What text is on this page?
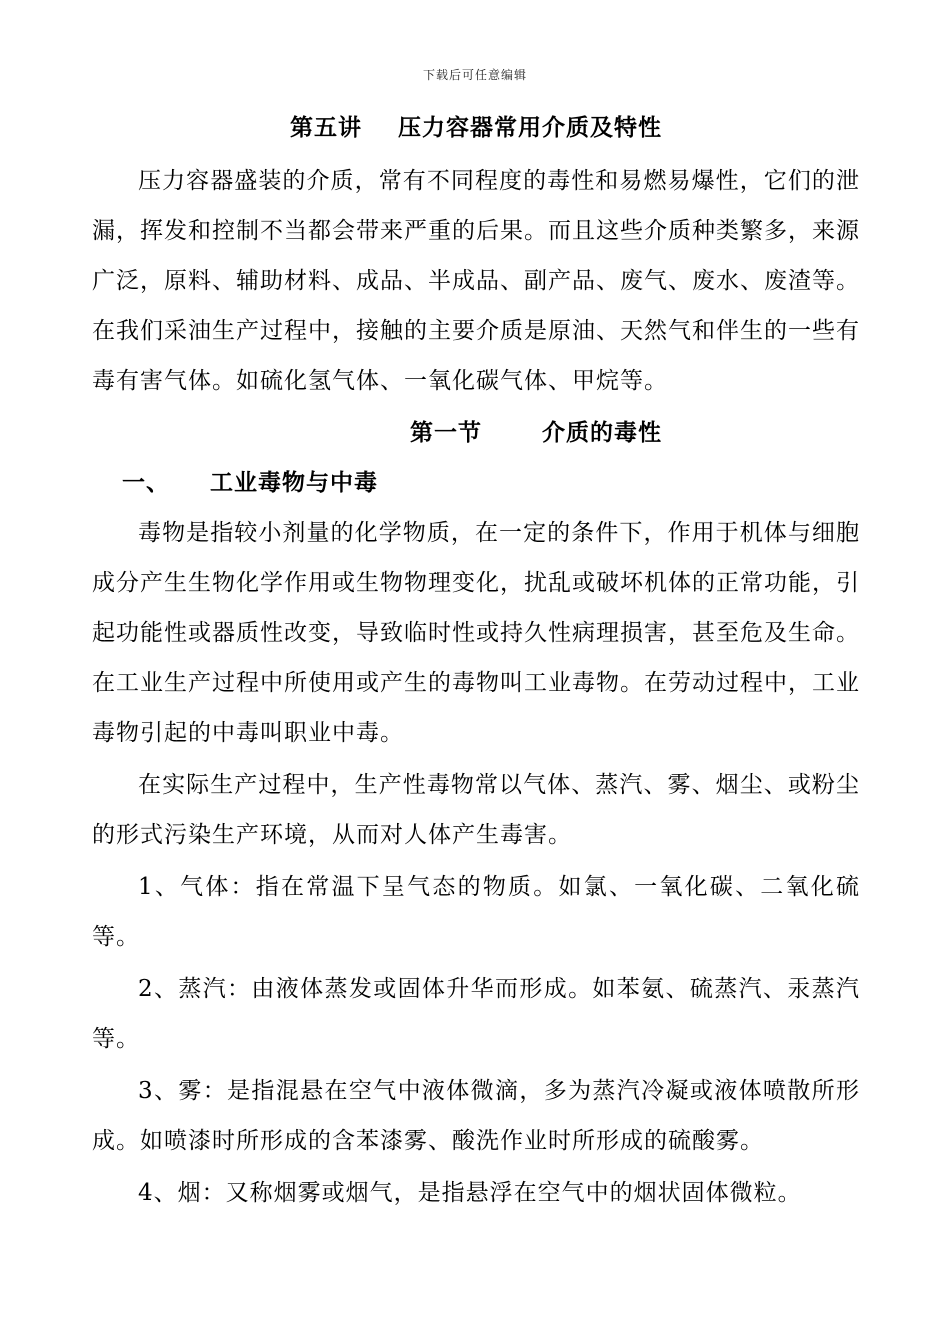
下载后可任意编辑
第五讲 压力容器常用介质及特性

压力容器盛装的介质，常有不同程度的毒性和易燃易爆性，它们的泄漏，挥发和控制不当都会带来严重的后果。而且这些介质种类繁多，来源广泛，原料、辅助材料、成品、半成品、副产品、废气、废水、废渣等。在我们采油生产过程中，接触的主要介质是原油、天然气和伴生的一些有毒有害气体。如硫化氢气体、一氧化碳气体、甲烷等。

第一节	介质的毒性
一、 工业毒物与中毒

毒物是指较小剂量的化学物质，在一定的条件下，作用于机体与细胞成分产生生物化学作用或生物物理变化，扰乱或破坏机体的正常功能，引起功能性或器质性改变，导致临时性或持久性病理损害，甚至危及生命。在工业生产过程中所使用或产生的毒物叫工业毒物。在劳动过程中，工业毒物引起的中毒叫职业中毒。

在实际生产过程中，生产性毒物常以气体、蒸汽、雾、烟尘、或粉尘的形式污染生产环境，从而对人体产生毒害。

1、气体：指在常温下呈气态的物质。如氯、一氧化碳、二氧化硫等。

2、蒸汽：由液体蒸发或固体升华而形成。如苯氨、硫蒸汽、汞蒸汽等。

3、雾：是指混悬在空气中液体微滴，多为蒸汽冷凝或液体喷散所形成。如喷漆时所形成的含苯漆雾、酸洗作业时所形成的硫酸雾。

4、烟：又称烟雾或烟气，是指悬浮在空气中的烟状固体微粒。
